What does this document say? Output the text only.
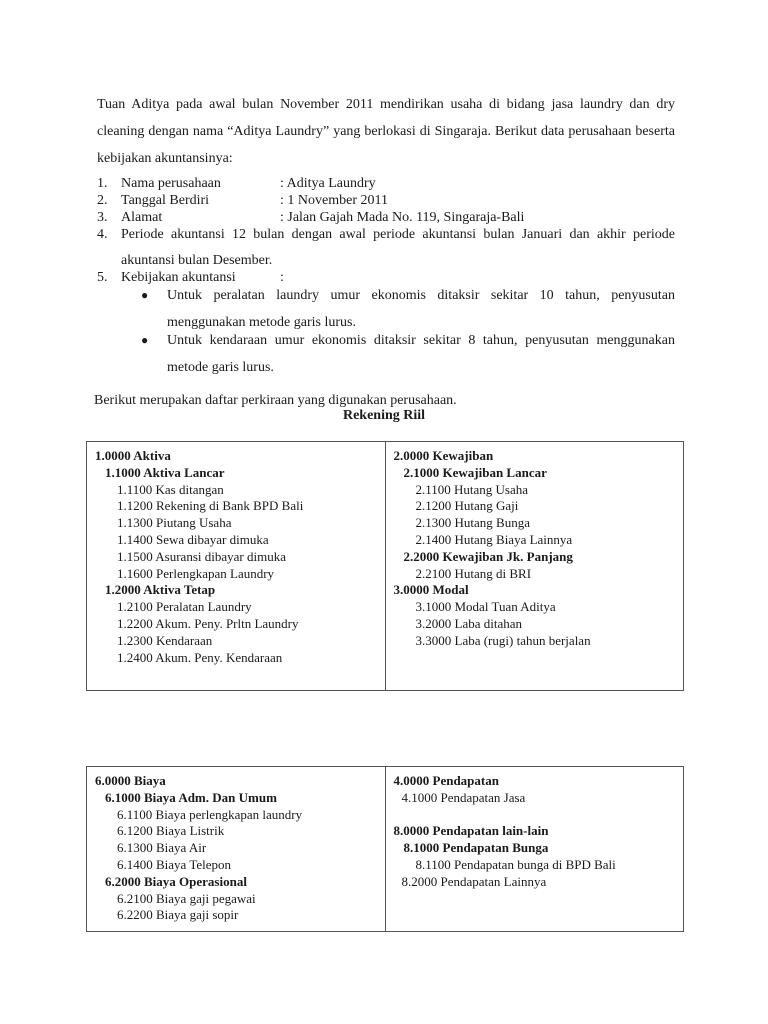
Tuan Aditya pada awal bulan November 2011 mendirikan usaha di bidang jasa laundry dan dry cleaning dengan nama “Aditya Laundry” yang berlokasi di Singaraja. Berikut data perusahaan beserta kebijakan akuntansinya:
1. Nama perusahaan	: Aditya Laundry
2. Tanggal Berdiri	: 1 November 2011
3. Alamat	: Jalan Gajah Mada No. 119, Singaraja-Bali
4. Periode akuntansi 12 bulan dengan awal periode akuntansi bulan Januari dan akhir periode akuntansi bulan Desember.
5. Kebijakan akuntansi	:
● Untuk peralatan laundry umur ekonomis ditaksir sekitar 10 tahun, penyusutan menggunakan metode garis lurus.
● Untuk kendaraan umur ekonomis ditaksir sekitar 8 tahun, penyusutan menggunakan metode garis lurus.
Berikut merupakan daftar perkiraan yang digunakan perusahaan.
Rekening Riil
1.0000 Aktiva
1.1000 Aktiva Lancar
1.1100 Kas ditangan
1.1200 Rekening di Bank BPD Bali
1.1300 Piutang Usaha
1.1400 Sewa dibayar dimuka
1.1500 Asuransi dibayar dimuka
1.1600 Perlengkapan Laundry
1.2000 Aktiva Tetap
1.2100 Peralatan Laundry
1.2200 Akum. Peny. Prltn Laundry
1.2300 Kendaraan
1.2400 Akum. Peny. Kendaraan

2.0000 Kewajiban
2.1000 Kewajiban Lancar
2.1100 Hutang Usaha
2.1200 Hutang Gaji
2.1300 Hutang Bunga
2.1400 Hutang Biaya Lainnya
2.2000 Kewajiban Jk. Panjang
2.2100 Hutang di BRI
3.0000 Modal
3.1000 Modal Tuan Aditya
3.2000 Laba ditahan
3.3000 Laba (rugi) tahun berjalan
6.0000 Biaya
6.1000 Biaya Adm. Dan Umum
6.1100 Biaya perlengkapan laundry
6.1200 Biaya Listrik
6.1300 Biaya Air
6.1400 Biaya Telepon
6.2000 Biaya Operasional
6.2100 Biaya gaji pegawai
6.2200 Biaya gaji sopir

4.0000 Pendapatan
4.1000 Pendapatan Jasa
8.0000 Pendapatan lain-lain
8.1000 Pendapatan Bunga
8.1100 Pendapatan bunga di BPD Bali
8.2000 Pendapatan Lainnya
